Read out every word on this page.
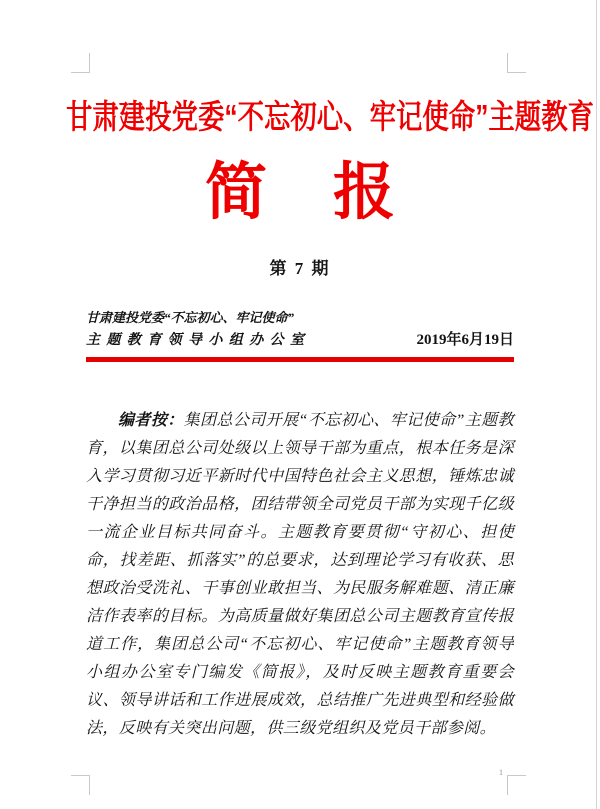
甘肃建投党委“不忘初心、牢记使命”主题教育
简 报
第 7 期
甘肃建投党委“不忘初心、牢记使命”
主题教育领导小组办公室	2019年6月19日

编者按：集团总公司开展“不忘初心、牢记使命”主题教育，以集团总公司处级以上领导干部为重点，根本任务是深入学习贯彻习近平新时代中国特色社会主义思想，锤炼忠诚干净担当的政治品格，团结带领全司党员干部为实现千亿级一流企业目标共同奋斗。主题教育要贯彻“守初心、担使命，找差距、抓落实”的总要求，达到理论学习有收获、思想政治受洗礼、干事创业敢担当、为民服务解难题、清正廉洁作表率的目标。为高质量做好集团总公司主题教育宣传报道工作，集团总公司“不忘初心、牢记使命”主题教育领导小组办公室专门编发《简报》，及时反映主题教育重要会议、领导讲话和工作进展成效，总结推广先进典型和经验做法，反映有关突出问题，供三级党组织及党员干部参阅。

1
